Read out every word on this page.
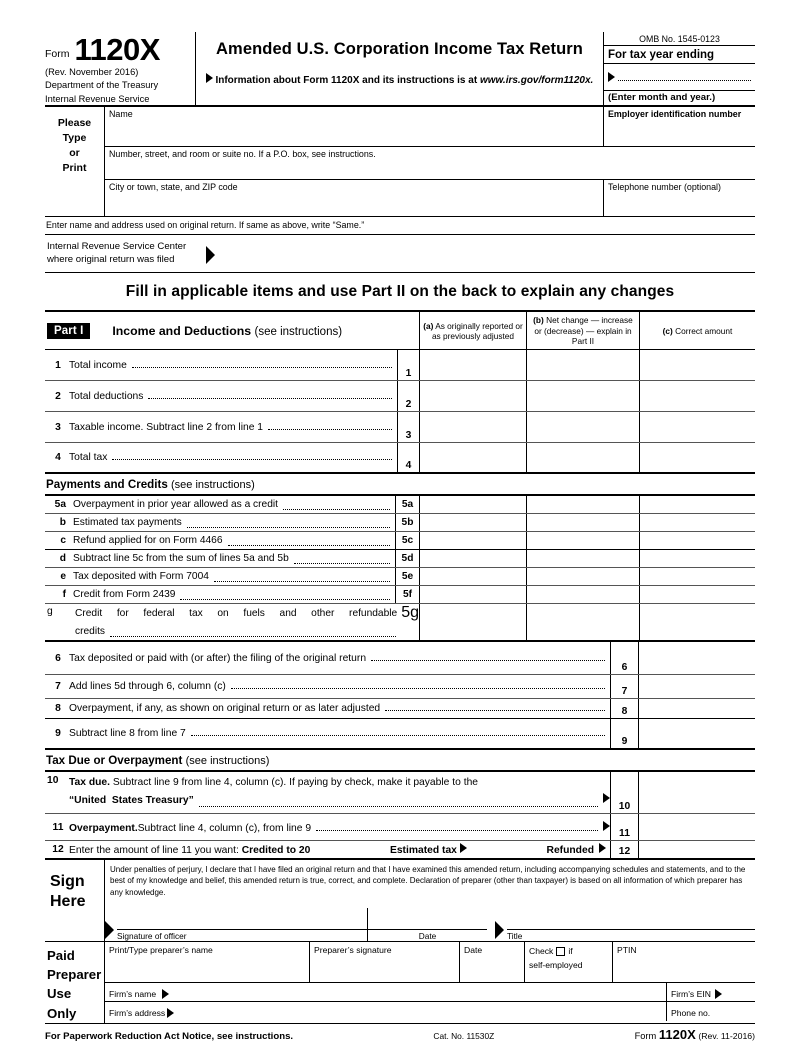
Form 1120X
(Rev. November 2016)
Department of the Treasury
Internal Revenue Service
Amended U.S. Corporation Income Tax Return
Information about Form 1120X and its instructions is at www.irs.gov/form1120x.
OMB No. 1545-0123
For tax year ending
(Enter month and year.)
Please
Type
or
Print
Name	Employer identification number
Number, street, and room or suite no. If a P.O. box, see instructions.
City or town, state, and ZIP code	Telephone number (optional)
Enter name and address used on original return. If same as above, write “Same.”
Internal Revenue Service Center
where original return was filed
Fill in applicable items and use Part II on the back to explain any changes
Part I	Income and Deductions (see instructions)
(a) As originally reported or as previously adjusted
(b) Net change — increase or (decrease) — explain in Part II
(c) Correct amount
1 Total income
1
2 Total deductions
2
3 Taxable income. Subtract line 2 from line 1
3
4 Total tax
4
Payments and Credits (see instructions)
5a Overpayment in prior year allowed as a credit	5a
b Estimated tax payments	5b
c Refund applied for on Form 4466	5c
d Subtract line 5c from the sum of lines 5a and 5b	5d
e Tax deposited with Form 7004	5e
f Credit from Form 2439	5f
g	Credit for federal tax on fuels and other refundable
credits
5g
6 Tax deposited or paid with (or after) the filing of the original return
6
7 Add lines 5d through 6, column (c)	7
8 Overpayment, if any, as shown on original return or as later adjusted	8
9 Subtract line 8 from line 7
9
Tax Due or Overpayment (see instructions)
10	Tax due. Subtract line 9 from line 4, column (c). If paying by check, make it payable to the
“United  States Treasury”
10
11 Overpayment. Subtract line 4, column (c), from line 9	11
12 Enter the amount of line 11 you want: Credited to 20	Estimated tax	Refunded	12
Sign
Here
Under penalties of perjury, I declare that I have filed an original return and that I have examined this amended return, including accompanying schedules and statements, and to the best of my knowledge and belief, this amended return is true, correct, and complete. Declaration of preparer (other than taxpayer) is based on all information of which preparer has any knowledge.
Signature of officer	Date	Title
Paid
Preparer
Use Only
Print/Type preparer’s name	Preparer’s signature	Date	Check if
self-employed
PTIN
Firm’s name	Firm’s EIN
Firm’s address	Phone no.
For Paperwork Reduction Act Notice, see instructions.	Cat. No. 11530Z	Form 1120X (Rev. 11-2016)
